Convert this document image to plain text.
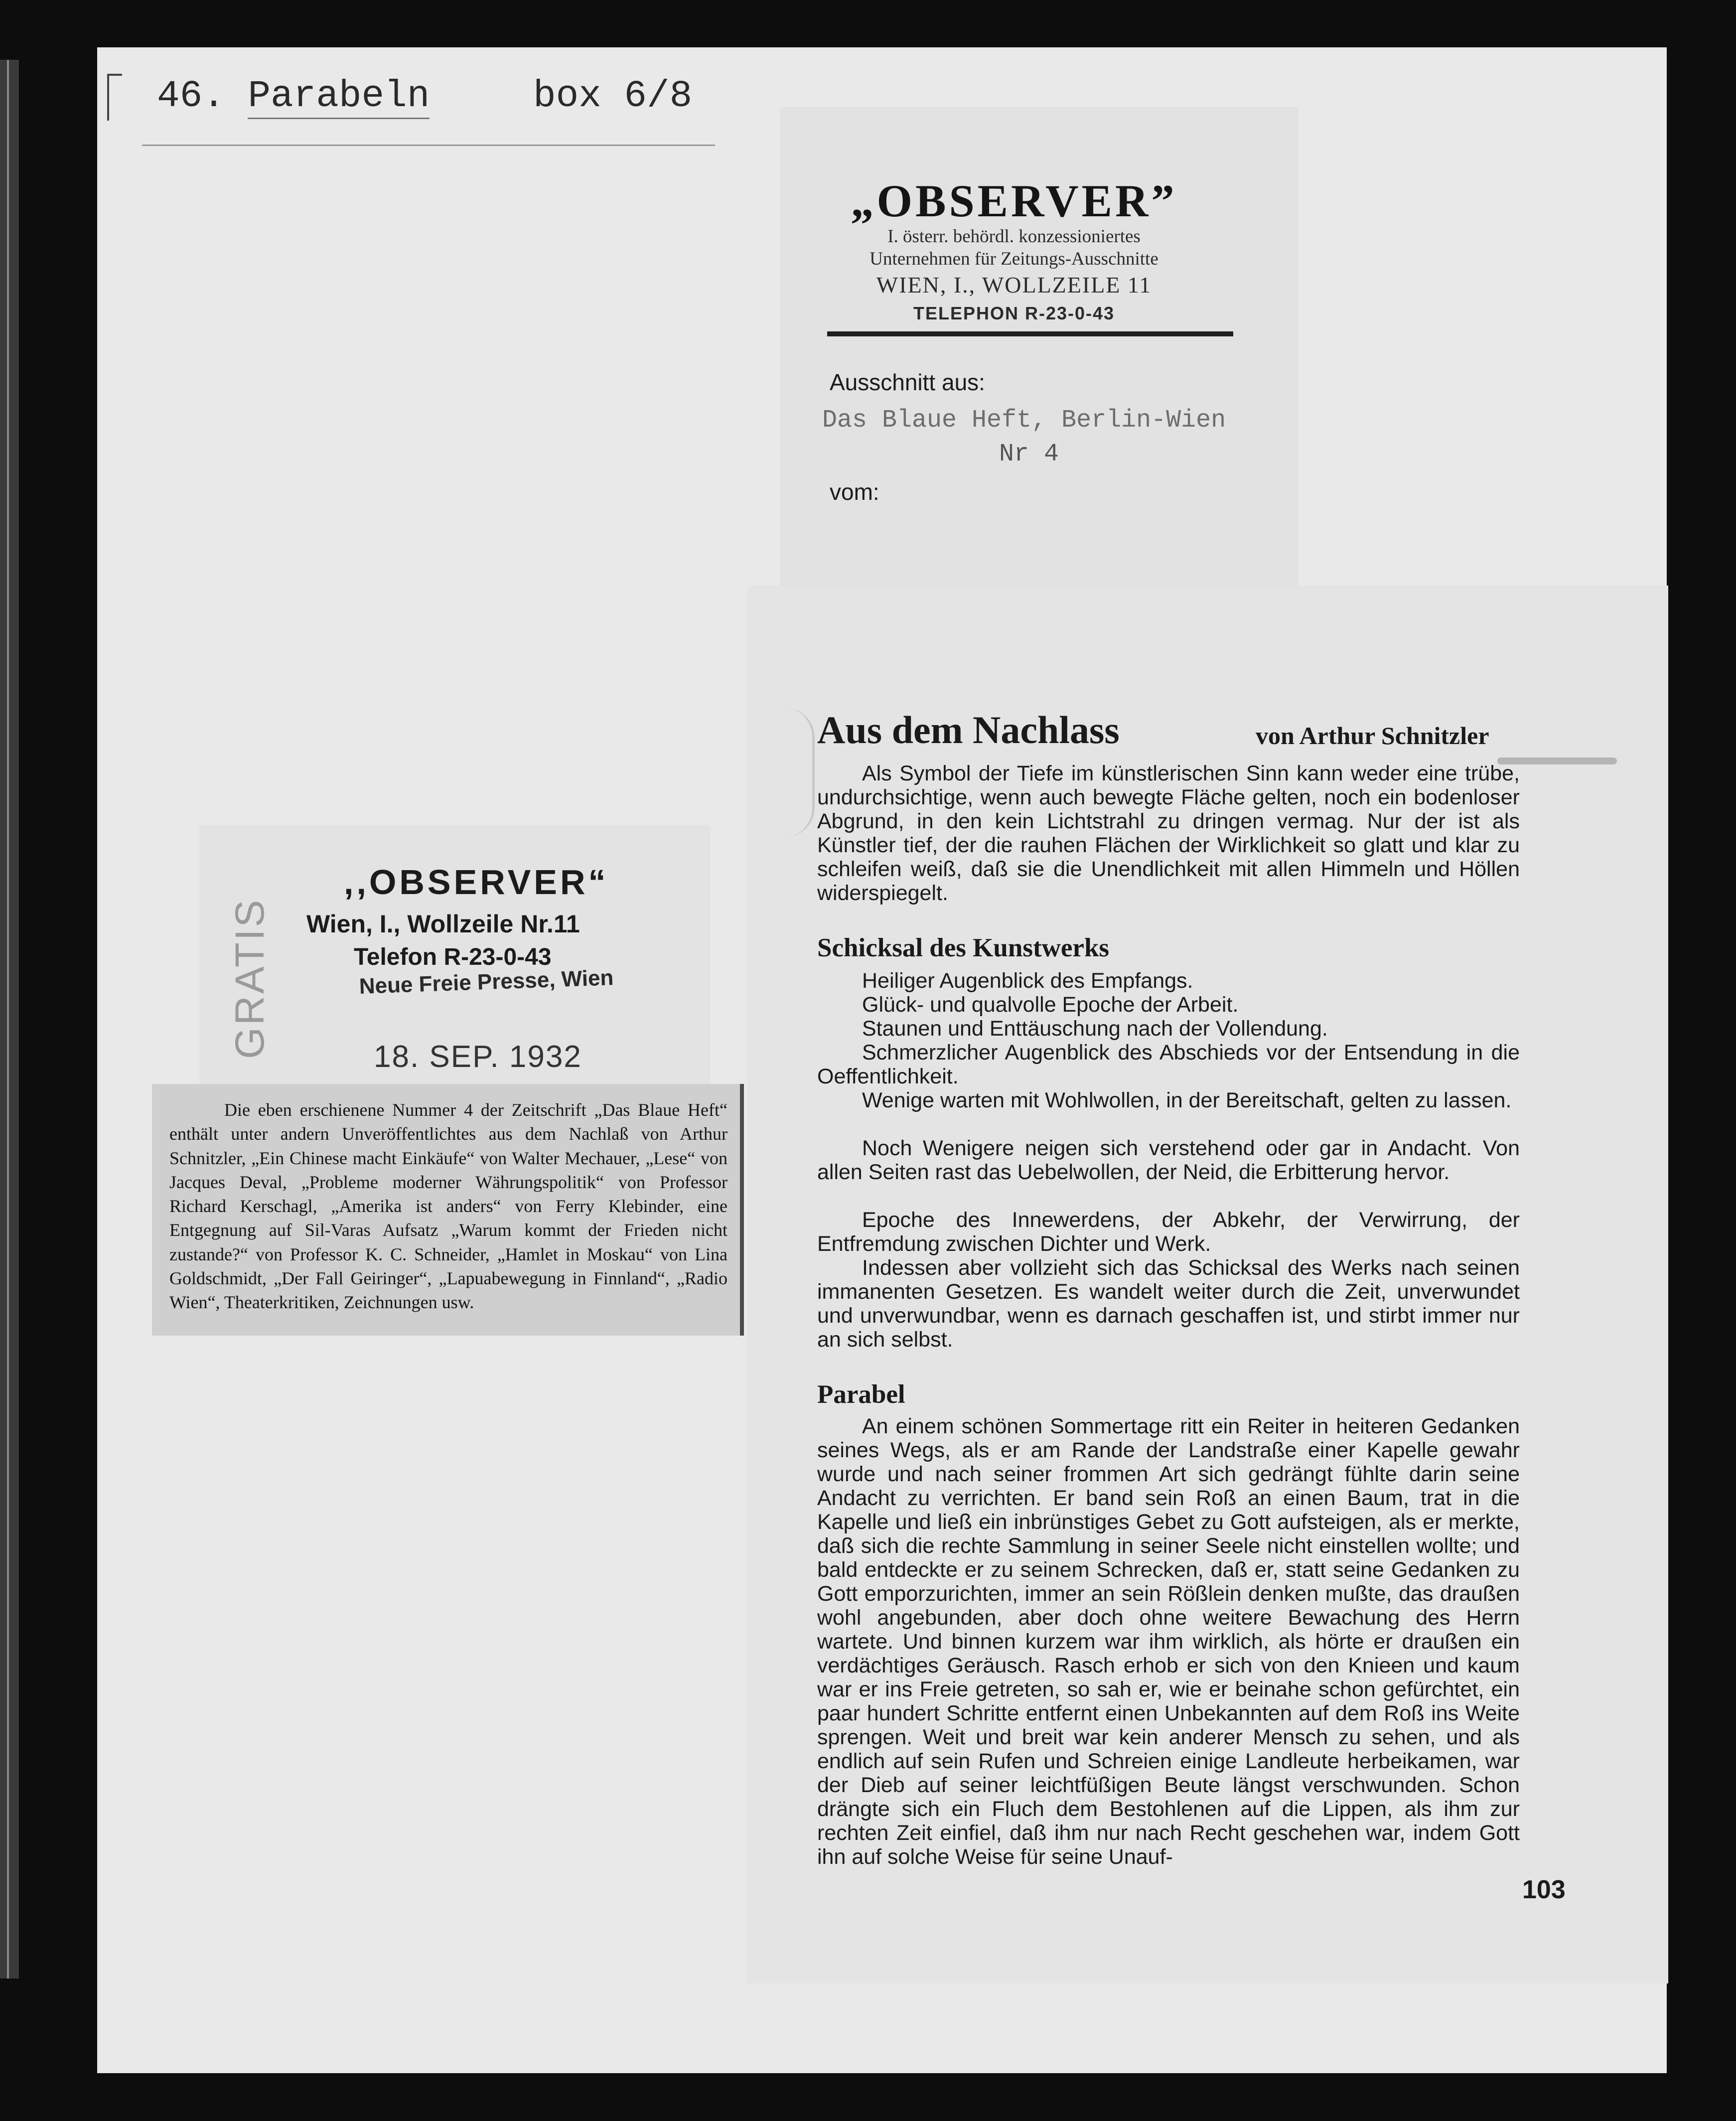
46. Parabeln	box 6/8
„OBSERVER”
I. österr. behördl. konzessioniertes
Unternehmen für Zeitungs-Ausschnitte
WIEN, I., WOLLZEILE 11
TELEPHON R-23-0-43
Ausschnitt aus:
Das Blaue Heft, Berlin-Wien
Nr 4
vom:
,,OBSERVER“
Wien, I., Wollzeile Nr.11
Telefon R-23-0-43
Neue Freie Presse, Wien
18. SEP. 1932
GRATIS
Die eben erschienene Nummer 4 der Zeitschrift „Das Blaue Heft“ enthält unter andern Unveröffentlichtes aus dem Nachlaß von Arthur Schnitzler, „Ein Chinese macht Einkäufe“ von Walter Mechauer, „Lese“ von Jacques Deval, „Probleme moderner Währungspolitik“ von Professor Richard Kerschagl, „Amerika ist anders“ von Ferry Klebinder, eine Entgegnung auf Sil-Varas Aufsatz „Warum kommt der Frieden nicht zustande?“ von Professor K. C. Schneider, „Hamlet in Moskau“ von Lina Goldschmidt, „Der Fall Geiringer“, „Lapuabewegung in Finnland“, „Radio Wien“, Theaterkritiken, Zeichnungen usw.
Aus dem Nachlass	von Arthur Schnitzler
Als Symbol der Tiefe im künstlerischen Sinn kann weder eine trübe, undurchsichtige, wenn auch bewegte Fläche gelten, noch ein bodenloser Abgrund, in den kein Lichtstrahl zu dringen vermag. Nur der ist als Künstler tief, der die rauhen Flächen der Wirklichkeit so glatt und klar zu schleifen weiß, daß sie die Unendlichkeit mit allen Himmeln und Höllen widerspiegelt.
Schicksal des Kunstwerks
Heiliger Augenblick des Empfangs.
Glück- und qualvolle Epoche der Arbeit.
Staunen und Enttäuschung nach der Vollendung.
Schmerzlicher Augenblick des Abschieds vor der Entsendung in die Oeffentlichkeit.
Wenige warten mit Wohlwollen, in der Bereitschaft, gelten zu lassen.
Noch Wenigere neigen sich verstehend oder gar in Andacht. Von allen Seiten rast das Uebelwollen, der Neid, die Erbitterung hervor.
Epoche des Innewerdens, der Abkehr, der Verwirrung, der Entfremdung zwischen Dichter und Werk.
Indessen aber vollzieht sich das Schicksal des Werks nach seinen immanenten Gesetzen. Es wandelt weiter durch die Zeit, unverwundet und unverwundbar, wenn es darnach geschaffen ist, und stirbt immer nur an sich selbst.
Parabel
An einem schönen Sommertage ritt ein Reiter in heiteren Gedanken seines Wegs, als er am Rande der Landstraße einer Kapelle gewahr wurde und nach seiner frommen Art sich gedrängt fühlte darin seine Andacht zu verrichten. Er band sein Roß an einen Baum, trat in die Kapelle und ließ ein inbrünstiges Gebet zu Gott aufsteigen, als er merkte, daß sich die rechte Sammlung in seiner Seele nicht einstellen wollte; und bald entdeckte er zu seinem Schrecken, daß er, statt seine Gedanken zu Gott emporzurichten, immer an sein Rößlein denken mußte, das draußen wohl angebunden, aber doch ohne weitere Bewachung des Herrn wartete. Und binnen kurzem war ihm wirklich, als hörte er draußen ein verdächtiges Geräusch. Rasch erhob er sich von den Knieen und kaum war er ins Freie getreten, so sah er, wie er beinahe schon gefürchtet, ein paar hundert Schritte entfernt einen Unbekannten auf dem Roß ins Weite sprengen. Weit und breit war kein anderer Mensch zu sehen, und als endlich auf sein Rufen und Schreien einige Landleute herbeikamen, war der Dieb auf seiner leichtfüßigen Beute längst verschwunden. Schon drängte sich ein Fluch dem Bestohlenen auf die Lippen, als ihm zur rechten Zeit einfiel, daß ihm nur nach Recht geschehen war, indem Gott ihn auf solche Weise für seine Unauf-
103
